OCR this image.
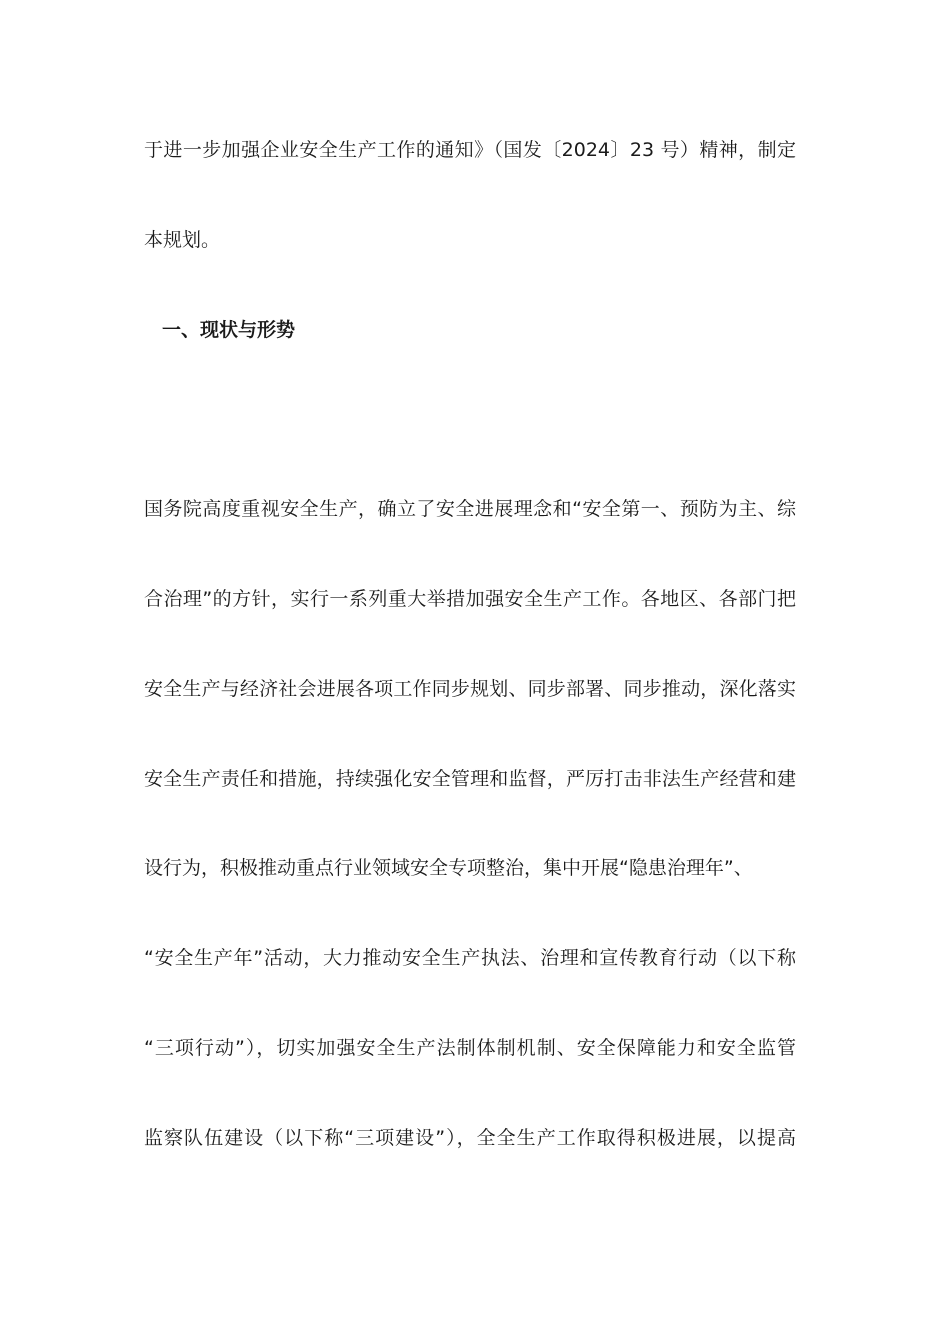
于进一步加强企业安全生产工作的通知》（国发〔2024〕23 号）精神，制定
本规划。
一、现状与形势
国务院高度重视安全生产，确立了安全进展理念和“安全第一、预防为主、综
合治理”的方针，实行一系列重大举措加强安全生产工作。各地区、各部门把
安全生产与经济社会进展各项工作同步规划、同步部署、同步推动，深化落实
安全生产责任和措施，持续强化安全管理和监督，严厉打击非法生产经营和建
设行为，积极推动重点行业领域安全专项整治，集中开展“隐患治理年”、
“安全生产年”活动，大力推动安全生产执法、治理和宣传教育行动（以下称
“三项行动”），切实加强安全生产法制体制机制、安全保障能力和安全监管
监察队伍建设（以下称“三项建设”），全全生产工作取得积极进展，以提高
